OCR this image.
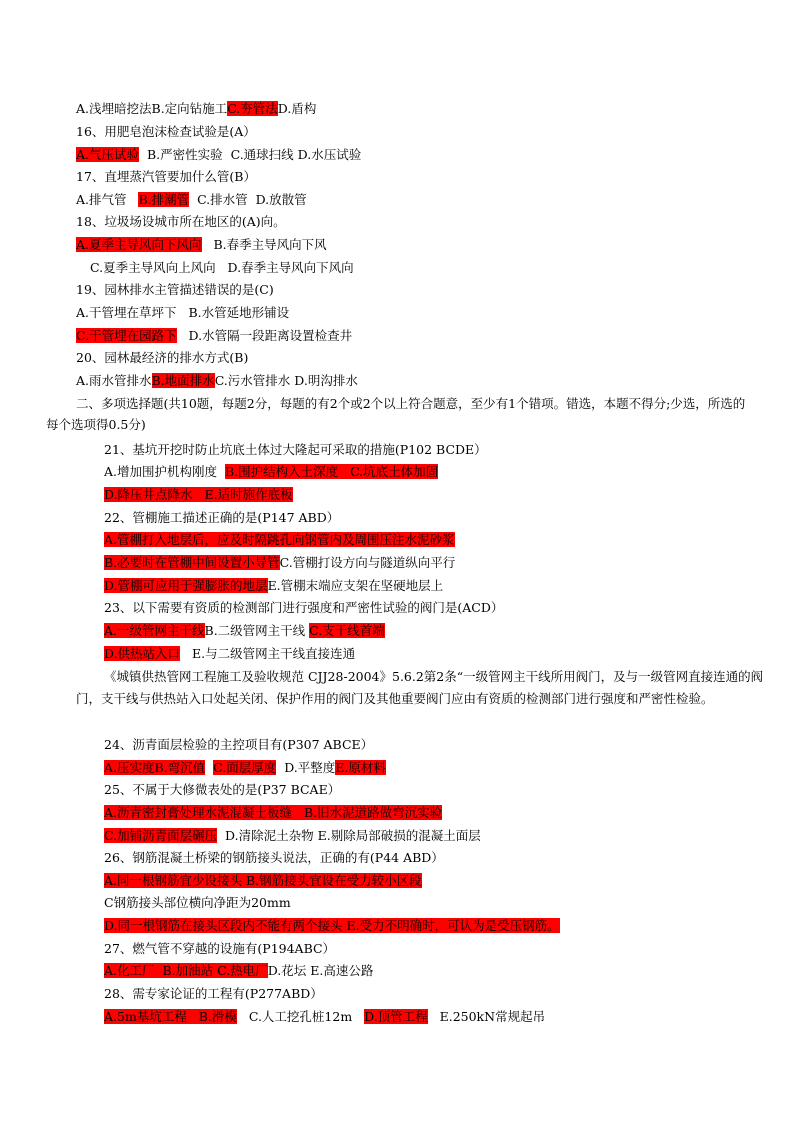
A.浅埋暗挖法B.定向钻施工C.夯管法D.盾构
16、用肥皂泡沫检查试验是(A）
A.气压试验 B.严密性实验 C.通球扫线 D.水压试验
17、直埋蒸汽管要加什么管(B）
A.排气管 B.排潮管 C.排水管 D.放散管
18、垃圾场设城市所在地区的(A)向。
A.夏季主导风向下风向 B.春季主导风向下风
C.夏季主导风向上风向 D.春季主导风向下风向
19、园林排水主管描述错误的是(C)
A.干管埋在草坪下 B.水管延地形铺设
C.干管埋在园路下 D.水管隔一段距离设置检查井
20、园林最经济的排水方式(B)
A.雨水管排水B.地面排水C.污水管排水 D.明沟排水
二、多项选择题(共10题，每题2分，每题的有2个或2个以上符合题意，至少有1个错项。错选，本题不得分;少选，所选的每个选项得0.5分)
21、基坑开挖时防止坑底土体过大隆起可采取的措施(P102 BCDE）
A.增加围护机构刚度 B.围护结构入土深度 C.坑底土体加固
D.降压井点降水 E.适时施作底板
22、管棚施工描述正确的是(P147 ABD）
A.管棚打入地层后，应及时隔跳孔向钢管内及周围压注水泥砂浆
B.必要时在管棚中间设置小导管C.管棚打设方向与隧道纵向平行
D.管棚可应用于强膨胀的地层E.管棚末端应支架在坚硬地层上
23、以下需要有资质的检测部门进行强度和严密性试验的阀门是(ACD）
A.一级管网主干线B.二级管网主干线 C.支干线首端
D.供热站入口 E.与二级管网主干线直接连通
《城镇供热管网工程施工及验收规范 CJJ28-2004》5.6.2第2条“一级管网主干线所用阀门，及与一级管网直接连通的阀门，支干线与供热站入口处起关闭、保护作用的阀门及其他重要阀门应由有资质的检测部门进行强度和严密性检验。
24、沥青面层检验的主控项目有(P307 ABCE）
A.压实度B.弯沉值 C.面层厚度 D.平整度E.原材料
25、不属于大修微表处的是(P37 BCAE）
A.沥青密封膏处理水泥混凝土板缝 B.旧水泥道路做弯沉实验
C.加铺沥青面层碾压 D.清除泥土杂物 E.剔除局部破损的混凝土面层
26、钢筋混凝土桥梁的钢筋接头说法，正确的有(P44 ABD）
A.同一根钢筋宜少设接头 B.钢筋接头宜设在受力较小区段
C钢筋接头部位横向净距为20mm
D.同一根钢筋在接头区段内不能有两个接头 E.受力不明确时，可认为是受压钢筋。
27、燃气管不穿越的设施有(P194ABC）
A.化工厂 B.加油站 C.热电厂D.花坛 E.高速公路
28、需专家论证的工程有(P277ABD）
A.5m基坑工程 B.滑模 C.人工挖孔桩12m D.顶管工程 E.250kN常规起吊
